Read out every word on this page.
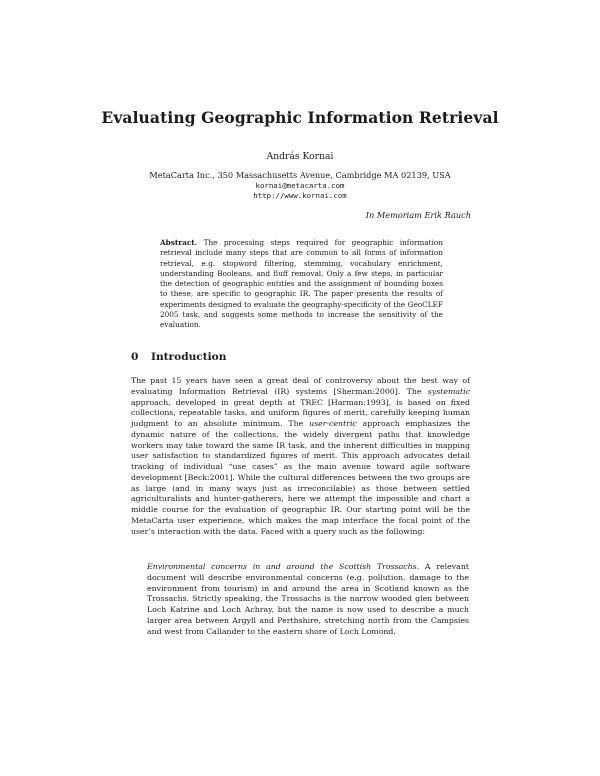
Evaluating Geographic Information Retrieval
András Kornai
MetaCarta Inc., 350 Massachusetts Avenue, Cambridge MA 02139, USA
kornai@metacarta.com
http://www.kornai.com
In Memoriam Erik Rauch
Abstract. The processing steps required for geographic information retrieval include many steps that are common to all forms of information retrieval, e.g. stopword filtering, stemming, vocabulary enrichment, understanding Booleans, and fluff removal. Only a few steps, in particular the detection of geographic entities and the assignment of bounding boxes to these, are specific to geographic IR. The paper presents the results of experiments designed to evaluate the geography-specificity of the GeoCLEF 2005 task, and suggests some methods to increase the sensitivity of the evaluation.
0 Introduction

The past 15 years have seen a great deal of controversy about the best way of evaluating Information Retrieval (IR) systems [Sherman:2000]. The systematic approach, developed in great depth at TREC [Harman:1993], is based on fixed collections, repeatable tasks, and uniform figures of merit, carefully keeping human judgment to an absolute minimum. The user-centric approach emphasizes the dynamic nature of the collections, the widely divergent paths that knowledge workers may take toward the same IR task, and the inherent difficulties in mapping user satisfaction to standardized figures of merit. This approach advocates detail tracking of individual “use cases” as the main avenue toward agile software development [Beck:2001]. While the cultural differences between the two groups are as large (and in many ways just as irreconcilable) as those between settled agriculturalists and hunter-gatherers, here we attempt the impossible and chart a middle course for the evaluation of geographic IR. Our starting point will be the MetaCarta user experience, which makes the map interface the focal point of the user’s interaction with the data. Faced with a query such as the following:

Environmental concerns in and around the Scottish Trossachs. A relevant document will describe environmental concerns (e.g. pollution, damage to the environment from tourism) in and around the area in Scotland known as the Trossachs. Strictly speaking, the Trossachs is the narrow wooded glen between Loch Katrine and Loch Achray, but the name is now used to describe a much larger area between Argyll and Perthshire, stretching north from the Campsies and west from Callander to the eastern shore of Loch Lomond.
